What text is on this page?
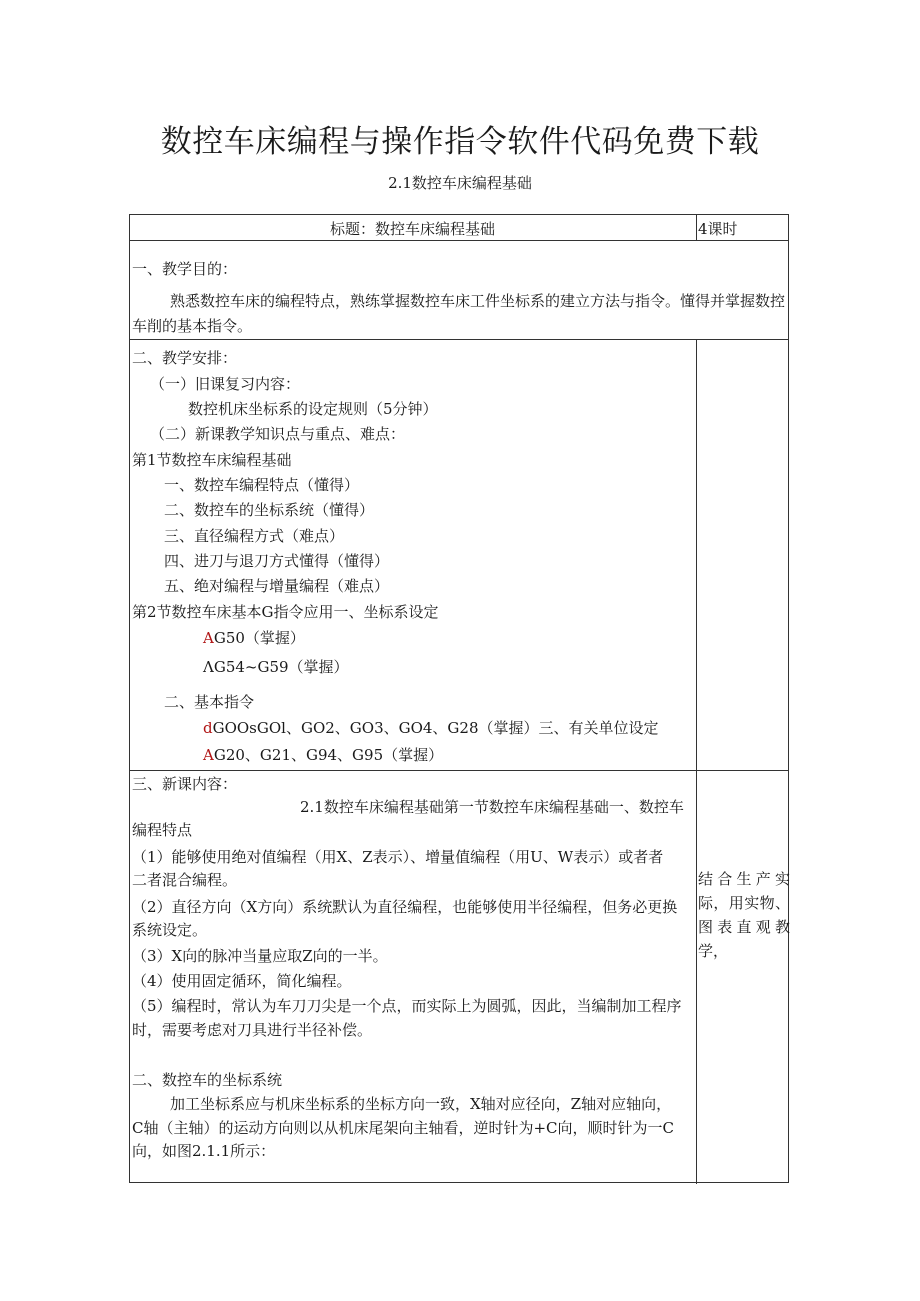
数控车床编程与操作指令软件代码免费下载
2.1数控车床编程基础
标题：数控车床编程基础	4课时
一、教学目的：
熟悉数控车床的编程特点，熟练掌握数控车床工件坐标系的建立方法与指令。懂得并掌握数控车削的基本指令。
二、教学安排：
（一）旧课复习内容：
数控机床坐标系的设定规则（5分钟）
（二）新课教学知识点与重点、难点：
第1节数控车床编程基础
一、数控车编程特点（懂得）
二、数控车的坐标系统（懂得）
三、直径编程方式（难点）
四、进刀与退刀方式懂得（懂得）
五、绝对编程与增量编程（难点）
第2节数控车床基本G指令应用一、坐标系设定
AG50（掌握）
ΛG54~G59（掌握）
二、基本指令
dGOOsGOl、GO2、GO3、GO4、G28（掌握）三、有关单位设定
AG20、G21、G94、G95（掌握）
三、新课内容：
2.1数控车床编程基础第一节数控车床编程基础一、数控车
编程特点
（1）能够使用绝对值编程（用X、Z表示）、增量值编程（用U、W表示）或者者
二者混合编程。
（2）直径方向（X方向）系统默认为直径编程，也能够使用半径编程，但务必更换
系统设定。
（3）X向的脉冲当量应取Z向的一半。
（4）使用固定循环，简化编程。
（5）编程时，常认为车刀刀尖是一个点，而实际上为圆弧，因此，当编制加工程序
时，需要考虑对刀具进行半径补偿。
二、数控车的坐标系统
加工坐标系应与机床坐标系的坐标方向一致，X轴对应径向，Z轴对应轴向，
C轴（主轴）的运动方向则以从机床尾架向主轴看，逆时针为+C向，顺时针为一C
向，如图2.1.1所示：
结合生产实际，用实物、图表直观教学，
